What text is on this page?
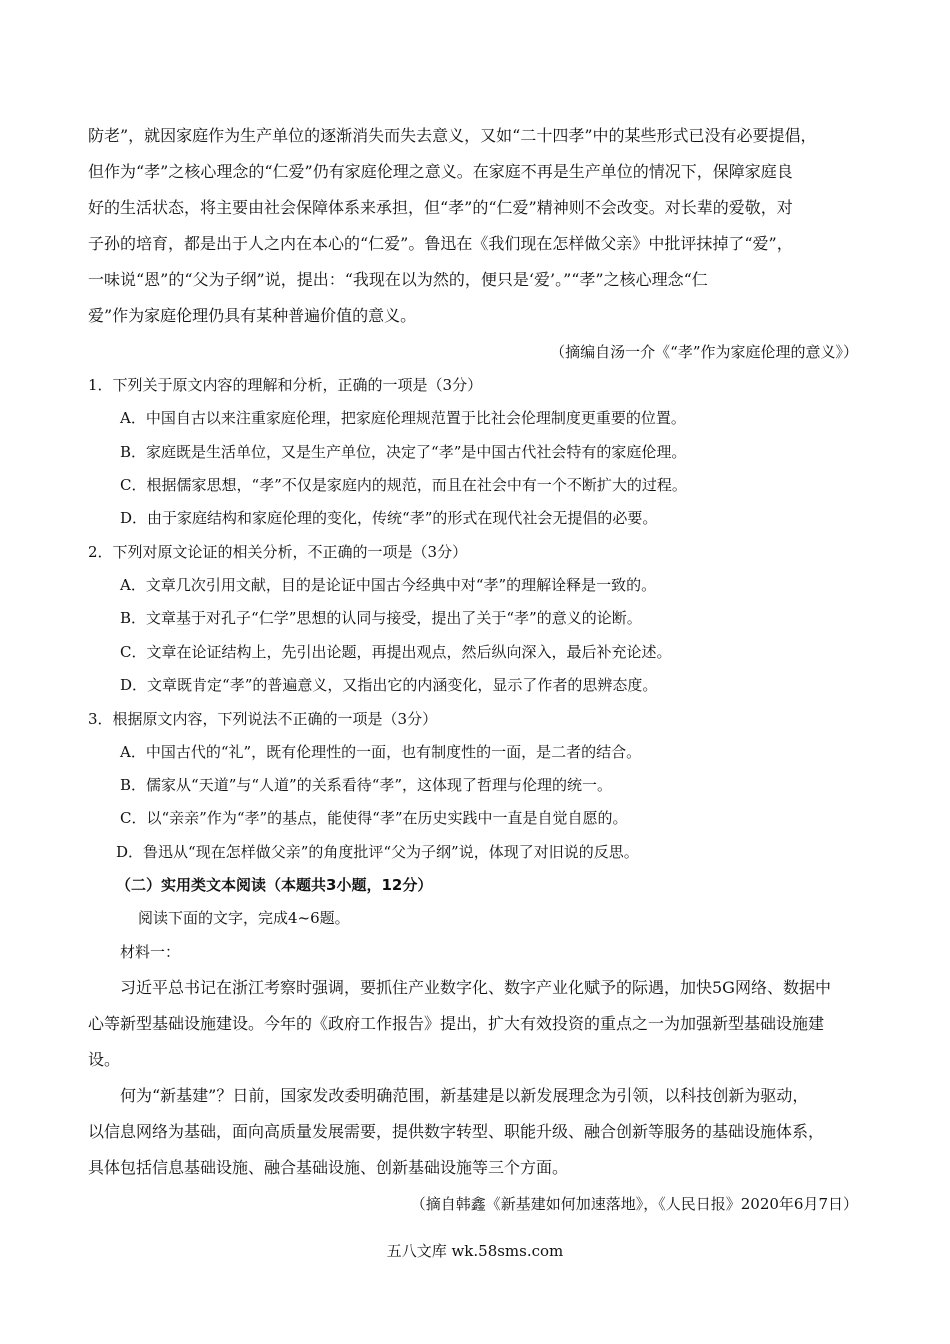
防老”，就因家庭作为生产单位的逐渐消失而失去意义，又如“二十四孝”中的某些形式已没有必要提倡，
但作为“孝”之核心理念的“仁爱”仍有家庭伦理之意义。在家庭不再是生产单位的情况下，保障家庭良
好的生活状态，将主要由社会保障体系来承担，但“孝”的“仁爱”精神则不会改变。对长辈的爱敬，对
子孙的培育，都是出于人之内在本心的“仁爱”。鲁迅在《我们现在怎样做父亲》中批评抹掉了“爱”，
一味说“恩”的“父为子纲”说，提出：“我现在以为然的，便只是‘爱’。”“孝”之核心理念“仁
爱”作为家庭伦理仍具有某种普遍价值的意义。
（摘编自汤一介《“孝”作为家庭伦理的意义》）
1．下列关于原文内容的理解和分析，正确的一项是（3分）
A．中国自古以来注重家庭伦理，把家庭伦理规范置于比社会伦理制度更重要的位置。
B．家庭既是生活单位，又是生产单位，决定了“孝”是中国古代社会特有的家庭伦理。
C．根据儒家思想，“孝”不仅是家庭内的规范，而且在社会中有一个不断扩大的过程。
D．由于家庭结构和家庭伦理的变化，传统“孝”的形式在现代社会无提倡的必要。
2．下列对原文论证的相关分析，不正确的一项是（3分）
A．文章几次引用文献，目的是论证中国古今经典中对“孝”的理解诠释是一致的。
B．文章基于对孔子“仁学”思想的认同与接受，提出了关于“孝”的意义的论断。
C．文章在论证结构上，先引出论题，再提出观点，然后纵向深入，最后补充论述。
D．文章既肯定“孝”的普遍意义，又指出它的内涵变化，显示了作者的思辨态度。
3．根据原文内容，下列说法不正确的一项是（3分）
A．中国古代的“礼”，既有伦理性的一面，也有制度性的一面，是二者的结合。
B．儒家从“天道”与“人道”的关系看待“孝”，这体现了哲理与伦理的统一。
C．以“亲亲”作为“孝”的基点，能使得“孝”在历史实践中一直是自觉自愿的。
D．鲁迅从“现在怎样做父亲”的角度批评“父为子纲”说，体现了对旧说的反思。
（二）实用类文本阅读（本题共3小题，12分）
阅读下面的文字，完成4~6题。
材料一：
习近平总书记在浙江考察时强调，要抓住产业数字化、数字产业化赋予的际遇，加快5G网络、数据中
心等新型基础设施建设。今年的《政府工作报告》提出，扩大有效投资的重点之一为加强新型基础设施建
设。
何为“新基建”？日前，国家发改委明确范围，新基建是以新发展理念为引领，以科技创新为驱动，
以信息网络为基础，面向高质量发展需要，提供数字转型、职能升级、融合创新等服务的基础设施体系，
具体包括信息基础设施、融合基础设施、创新基础设施等三个方面。
（摘自韩鑫《新基建如何加速落地》，《人民日报》2020年6月7日）
五八文库 wk.58sms.com
